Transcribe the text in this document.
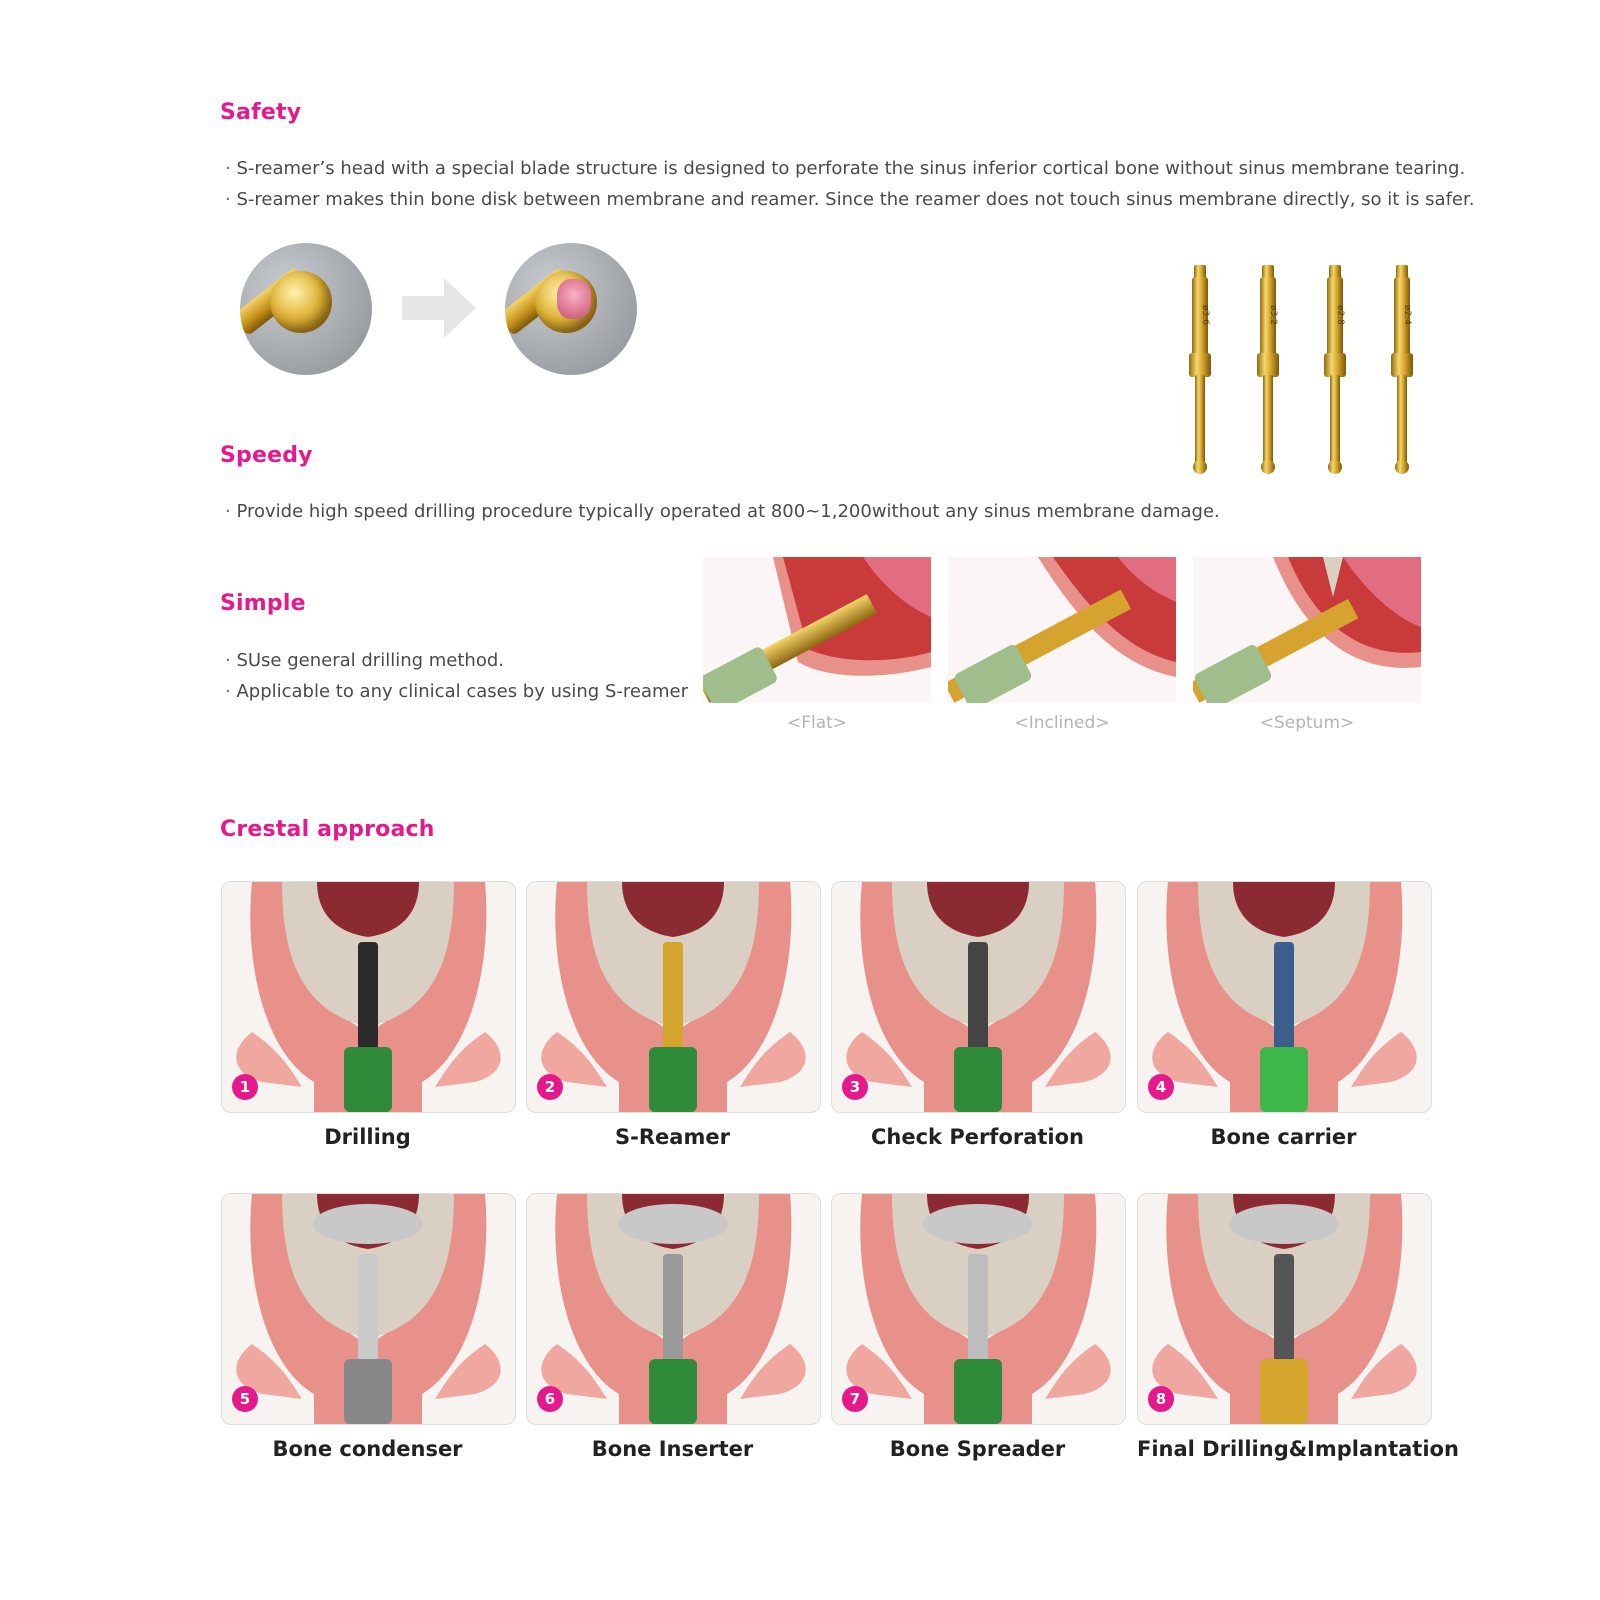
Safety
· S-reamer’s head with a special blade structure is designed to perforate the sinus inferior cortical bone without sinus membrane tearing.
· S-reamer makes thin bone disk between membrane and reamer. Since the reamer does not touch sinus membrane directly, so it is safer.
ø3.6	ø3.2	ø2.8	ø2.4
Speedy
· Provide high speed drilling procedure typically operated at 800~1,200without any sinus membrane damage.
Simple
· SUse general drilling method.
· Applicable to any clinical cases by using S-reamer
<Flat>	<Inclined>	<Septum>
Crestal approach
1
Drilling
2
S-Reamer
3
Check Perforation
4
Bone carrier
5
Bone condenser
6
Bone Inserter
7
Bone Spreader
8
Final Drilling&Implantation
